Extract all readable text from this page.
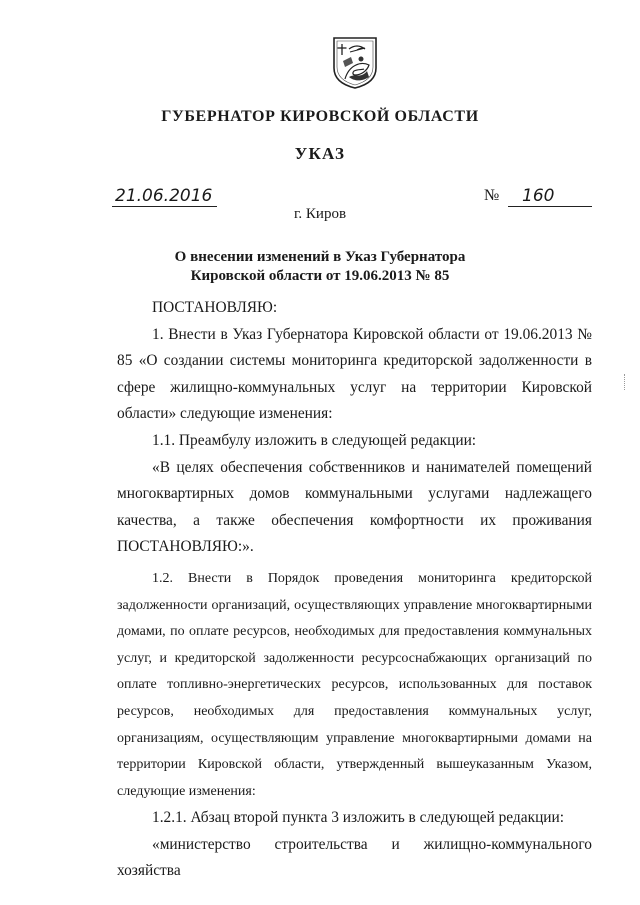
ГУБЕРНАТОР КИРОВСКОЙ ОБЛАСТИ
УКАЗ
21.06.2016	№	160
г. Киров
О внесении изменений в Указ Губернатора
Кировской области от 19.06.2013 № 85

ПОСТАНОВЛЯЮ:

1. Внести в Указ Губернатора Кировской области от 19.06.2013 № 85 «О создании системы мониторинга кредиторской задолженности в сфере жилищно-коммунальных услуг на территории Кировской области» следующие изменения:

1.1. Преамбулу изложить в следующей редакции:

«В целях обеспечения собственников и нанимателей помещений многоквартирных домов коммунальными услугами надлежащего качества, а также обеспечения комфортности их проживания ПОСТАНОВЛЯЮ:».

1.2. Внести в Порядок проведения мониторинга кредиторской задолженности организаций, осуществляющих управление многоквартирными домами, по оплате ресурсов, необходимых для предоставления коммунальных услуг, и кредиторской задолженности ресурсоснабжающих организаций по оплате топливно-энергетических ресурсов, использованных для поставок ресурсов, необходимых для предоставления коммунальных услуг, организациям, осуществляющим управление многоквартирными домами на территории Кировской области, утвержденный вышеуказанным Указом, следующие изменения:

1.2.1. Абзац второй пункта 3 изложить в следующей редакции:

«министерство строительства и жилищно-коммунального хозяйства
